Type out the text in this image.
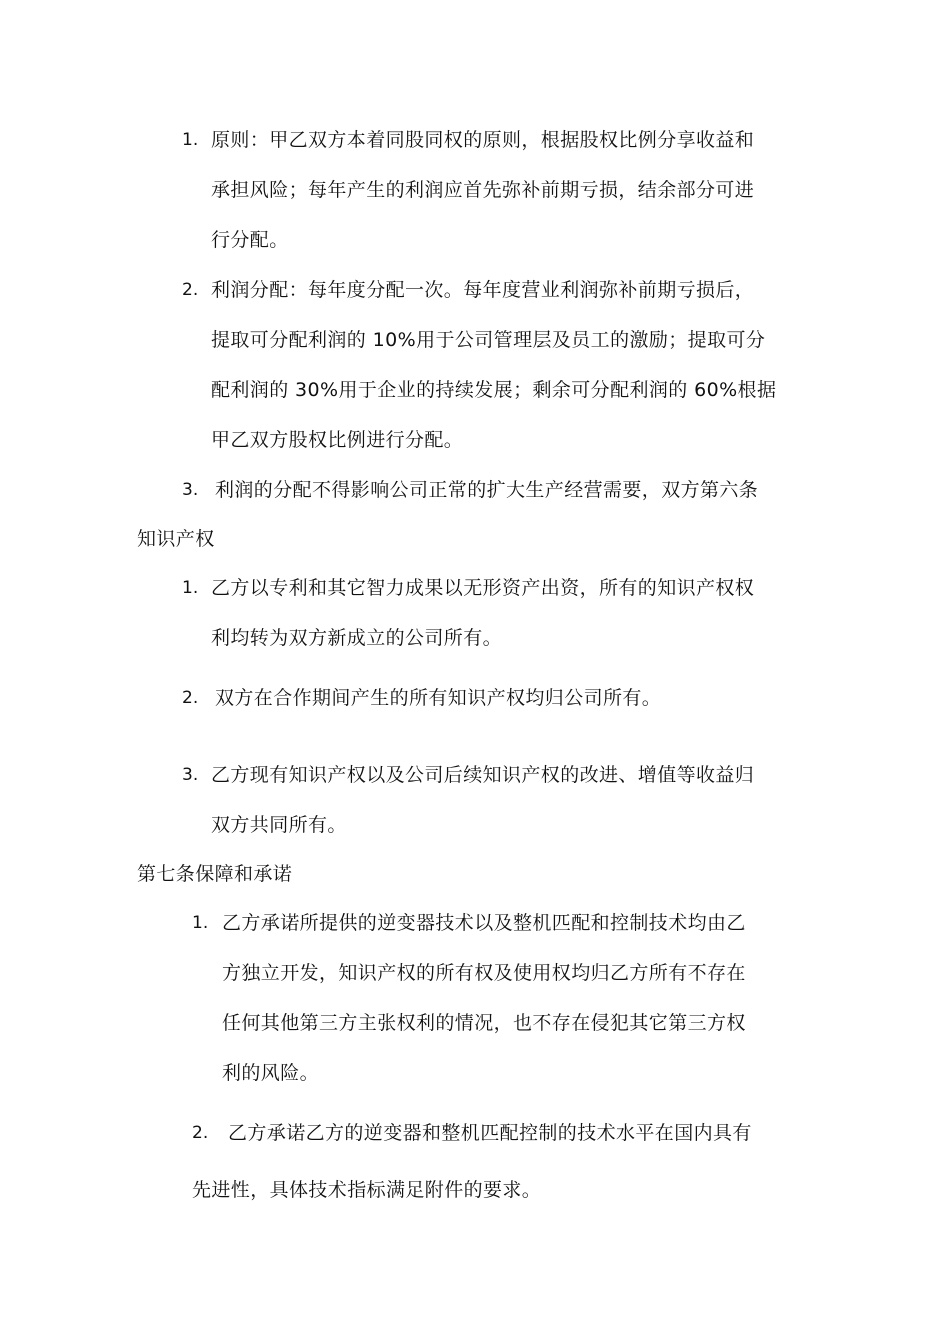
1. 原则：甲乙双方本着同股同权的原则，根据股权比例分享收益和
承担风险；每年产生的利润应首先弥补前期亏损，结余部分可进
行分配。
2. 利润分配：每年度分配一次。每年度营业利润弥补前期亏损后，
提取可分配利润的 10%用于公司管理层及员工的激励；提取可分
配利润的 30%用于企业的持续发展；剩余可分配利润的 60%根据
甲乙双方股权比例进行分配。
3. 利润的分配不得影响公司正常的扩大生产经营需要，双方第六条
知识产权
1. 乙方以专利和其它智力成果以无形资产出资，所有的知识产权权
利均转为双方新成立的公司所有。
2. 双方在合作期间产生的所有知识产权均归公司所有。
3. 乙方现有知识产权以及公司后续知识产权的改进、增值等收益归
双方共同所有。
第七条保障和承诺
1. 乙方承诺所提供的逆变器技术以及整机匹配和控制技术均由乙
方独立开发，知识产权的所有权及使用权均归乙方所有不存在
任何其他第三方主张权利的情况，也不存在侵犯其它第三方权
利的风险。
2. 乙方承诺乙方的逆变器和整机匹配控制的技术水平在国内具有
先进性，具体技术指标满足附件的要求。
